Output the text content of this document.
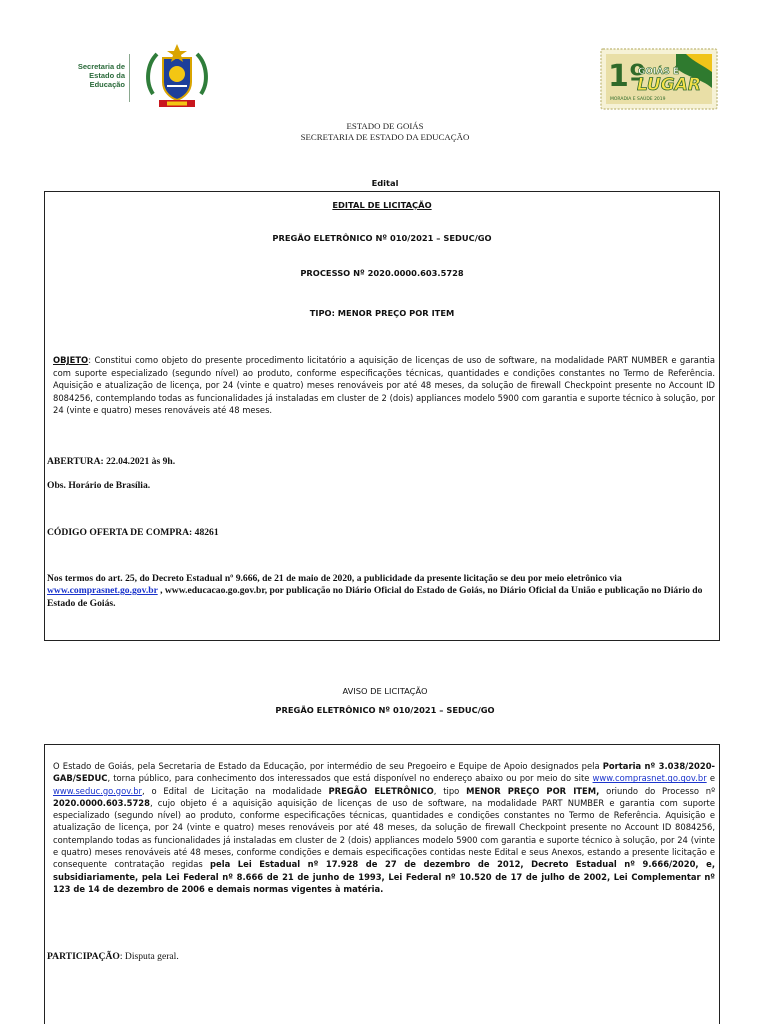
Secretaria de
Estado da
Educação	1º
GOIÁS É
LUGAR
MORADIA E SAÚDE 2019
ESTADO DE GOIÁS
SECRETARIA DE ESTADO DA EDUCAÇÃO
Edital
EDITAL DE LICITAÇÃO
PREGÃO ELETRÔNICO Nº 010/2021 – SEDUC/GO
PROCESSO Nº 2020.0000.603.5728
TIPO: MENOR PREÇO POR ITEM
OBJETO: Constitui como objeto do presente procedimento licitatório a aquisição de licenças de uso de software, na modalidade PART NUMBER e garantia com suporte especializado (segundo nível) ao produto, conforme especificações técnicas, quantidades e condições constantes no Termo de Referência. Aquisição e atualização de licença, por 24 (vinte e quatro) meses renováveis por até 48 meses, da solução de firewall Checkpoint presente no Account ID 8084256, contemplando todas as funcionalidades já instaladas em cluster de 2 (dois) appliances modelo 5900 com garantia e suporte técnico à solução, por 24 (vinte e quatro) meses renováveis até 48 meses.
ABERTURA: 22.04.2021 às 9h.
Obs. Horário de Brasília.
CÓDIGO OFERTA DE COMPRA: 48261
Nos termos do art. 25, do Decreto Estadual nº 9.666, de 21 de maio de 2020, a publicidade da presente licitação se deu por meio eletrônico via www.comprasnet.go.gov.br , www.educacao.go.gov.br, por publicação no Diário Oficial do Estado de Goiás, no Diário Oficial da União e publicação no Diário do Estado de Goiás.
AVISO DE LICITAÇÃO
PREGÃO ELETRÔNICO Nº 010/2021 – SEDUC/GO
O Estado de Goiás, pela Secretaria de Estado da Educação, por intermédio de seu Pregoeiro e Equipe de Apoio designados pela Portaria nº 3.038/2020-GAB/SEDUC, torna público, para conhecimento dos interessados que está disponível no endereço abaixo ou por meio do site www.comprasnet.go.gov.br e www.seduc.go.gov.br, o Edital de Licitação na modalidade PREGÃO ELETRÔNICO, tipo MENOR PREÇO POR ITEM, oriundo do Processo nº 2020.0000.603.5728, cujo objeto é a aquisição aquisição de licenças de uso de software, na modalidade PART NUMBER e garantia com suporte especializado (segundo nível) ao produto, conforme especificações técnicas, quantidades e condições constantes no Termo de Referência. Aquisição e atualização de licença, por 24 (vinte e quatro) meses renováveis por até 48 meses, da solução de firewall Checkpoint presente no Account ID 8084256, contemplando todas as funcionalidades já instaladas em cluster de 2 (dois) appliances modelo 5900 com garantia e suporte técnico à solução, por 24 (vinte e quatro) meses renováveis até 48 meses, conforme condições e demais especificações contidas neste Edital e seus Anexos, estando a presente licitação e consequente contratação regidas pela Lei Estadual nº 17.928 de 27 de dezembro de 2012, Decreto Estadual nº 9.666/2020, e, subsidiariamente, pela Lei Federal nº 8.666 de 21 de junho de 1993, Lei Federal nº 10.520 de 17 de julho de 2002, Lei Complementar nº 123 de 14 de dezembro de 2006 e demais normas vigentes à matéria.
PARTICIPAÇÃO: Disputa geral.
